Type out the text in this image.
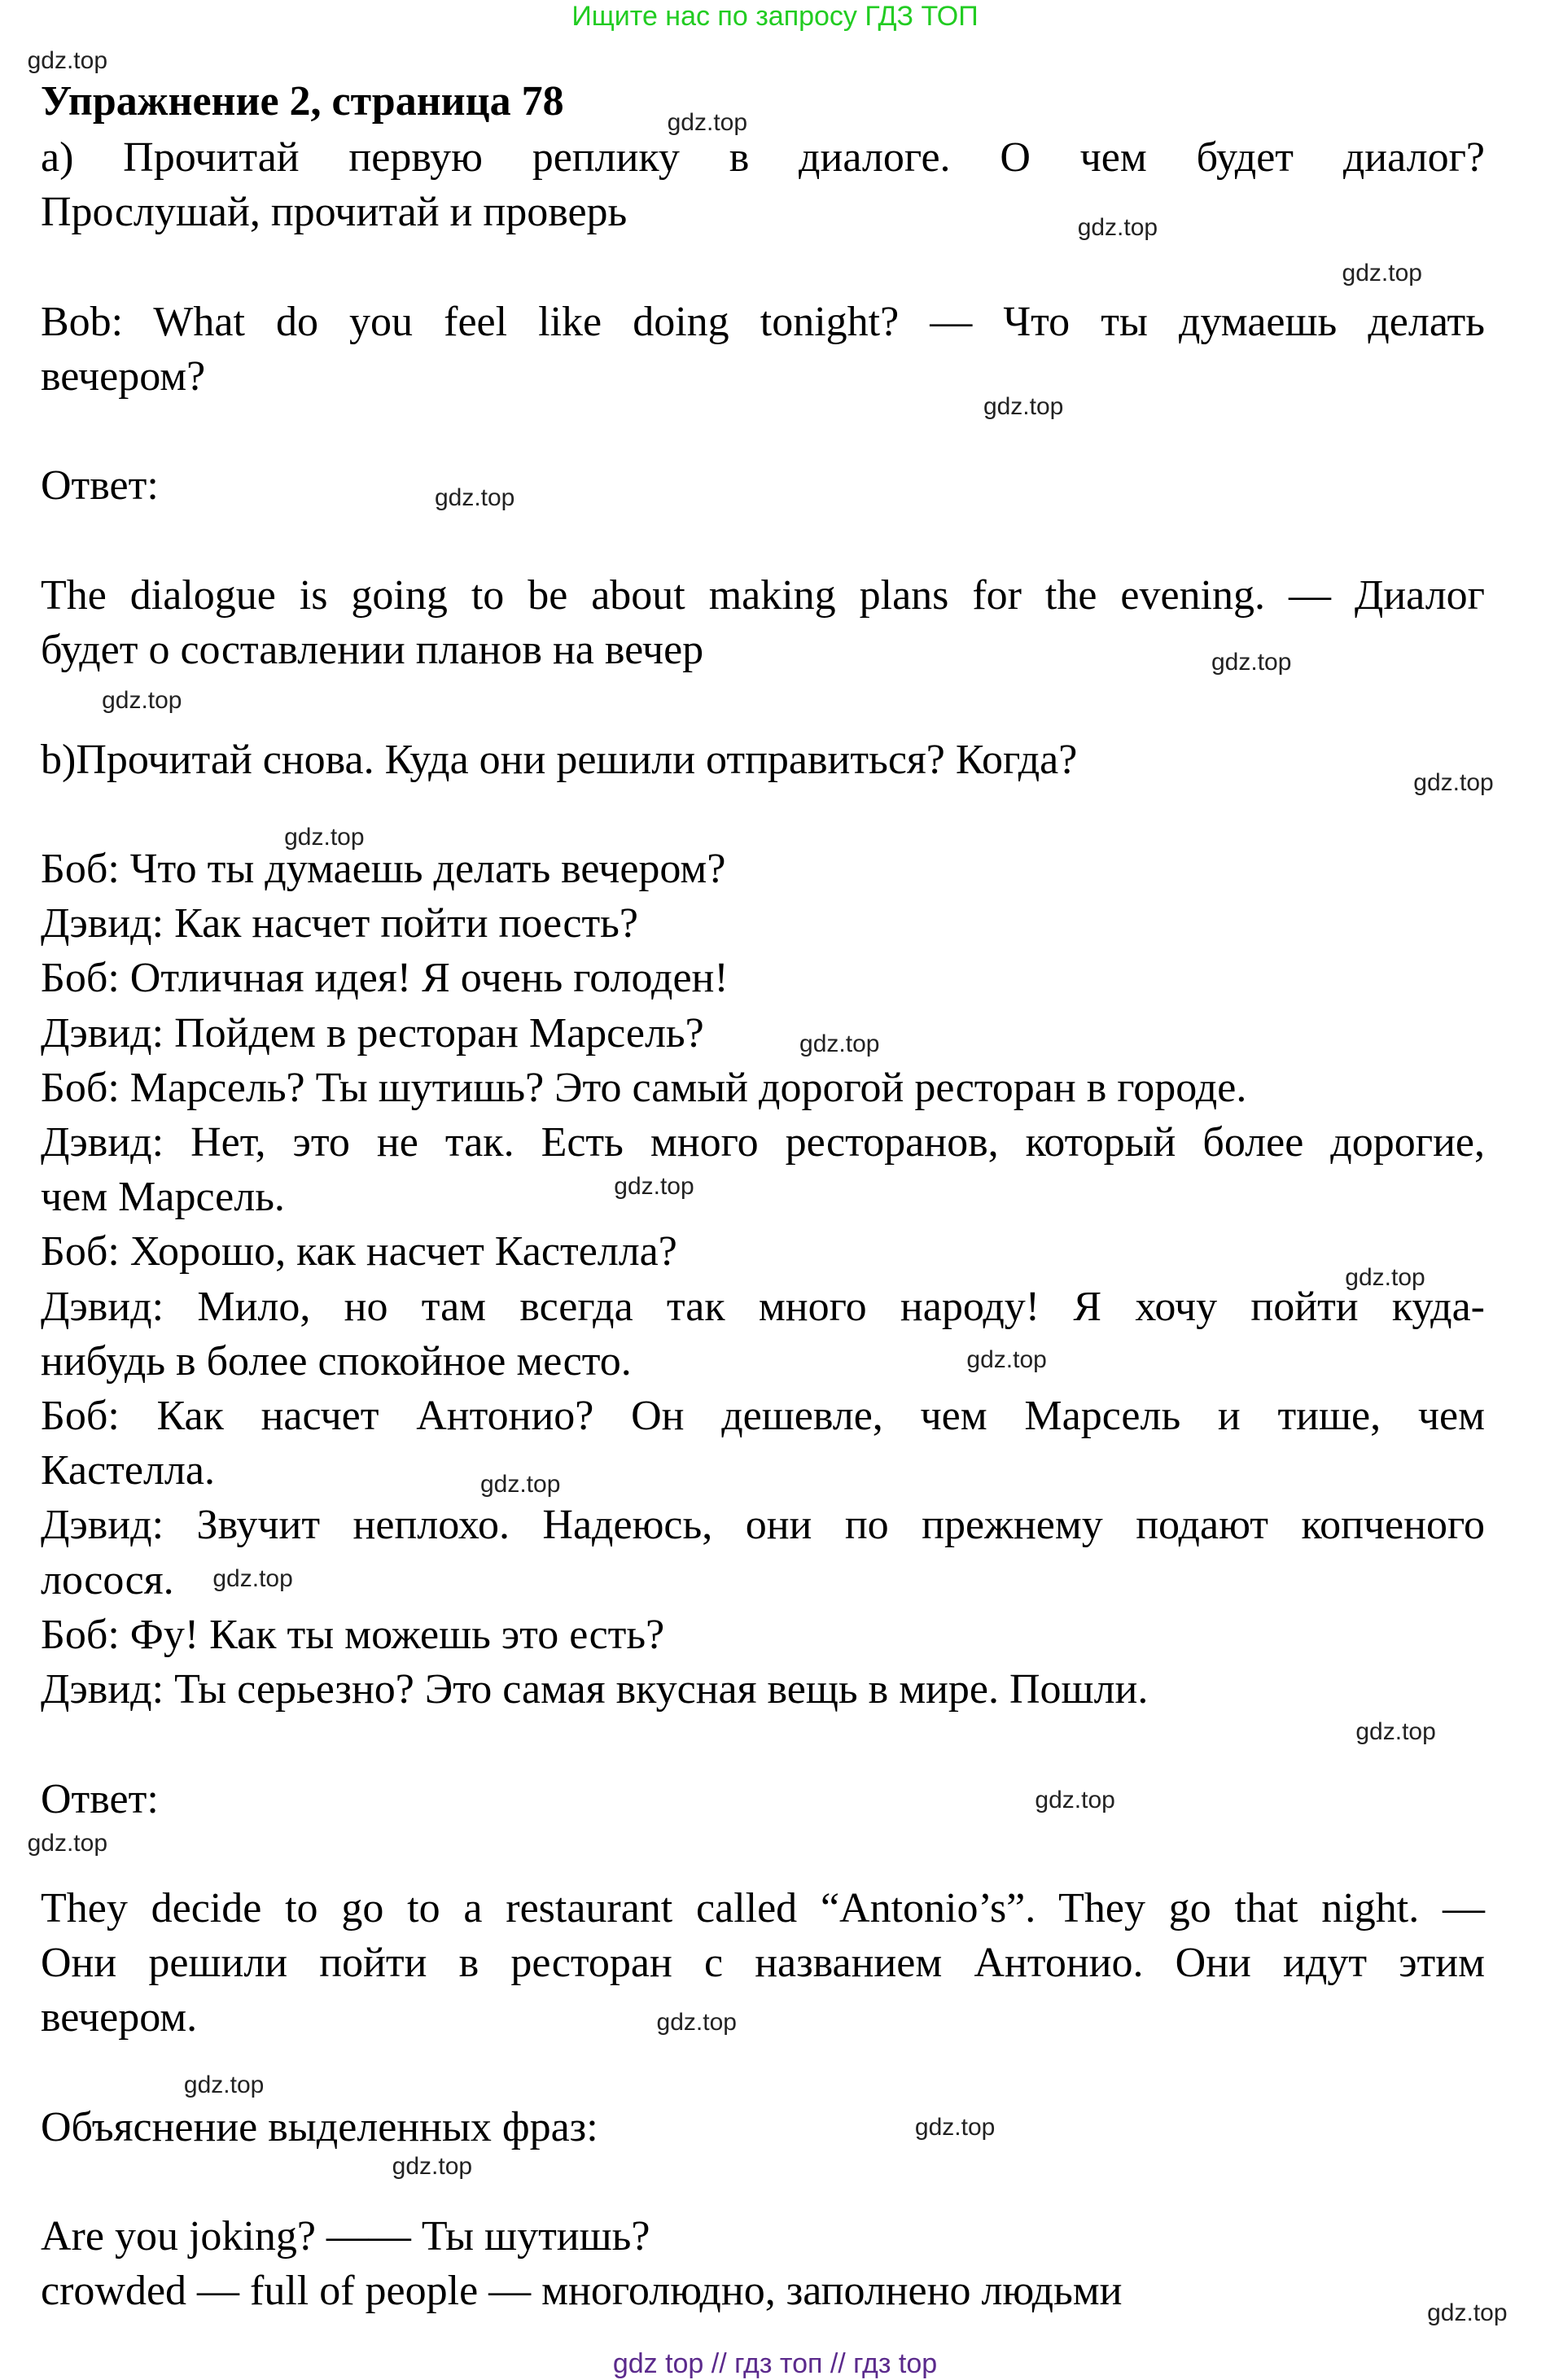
Ищите нас по запросу ГДЗ ТОП
Упражнение 2, страница 78
а) Прочитай первую реплику в диалоге. О чем будет диалог?
Прослушай, прочитай и проверь
Bob: What do you feel like doing tonight? — Что ты думаешь делать
вечером?
Ответ:
The dialogue is going to be about making plans for the evening. — Диалог
будет о составлении планов на вечер
b)Прочитай снова. Куда они решили отправиться? Когда?
Боб: Что ты думаешь делать вечером?
Дэвид: Как насчет пойти поесть?
Боб: Отличная идея! Я очень голоден!
Дэвид: Пойдем в ресторан Марсель?
Боб: Марсель? Ты шутишь? Это самый дорогой ресторан в городе.
Дэвид: Нет, это не так. Есть много ресторанов, который более дорогие,
чем Марсель.
Боб: Хорошо, как насчет Кастелла?
Дэвид: Мило, но там всегда так много народу! Я хочу пойти куда-
нибудь в более спокойное место.
Боб: Как насчет Антонио? Он дешевле, чем Марсель и тише, чем
Кастелла.
Дэвид: Звучит неплохо. Надеюсь, они по прежнему подают копченого
лосося.
Боб: Фу! Как ты можешь это есть?
Дэвид: Ты серьезно? Это самая вкусная вещь в мире. Пошли.
Ответ:
They decide to go to a restaurant called “Antonio’s”. They go that night. —
Они решили пойти в ресторан с названием Антонио. Они идут этим
вечером.
Объяснение выделенных фраз:
Are you joking? —— Ты шутишь?
crowded — full of people — многолюдно, заполнено людьми
gdz.top
gdz.top
gdz.top
gdz.top
gdz.top
gdz.top
gdz.top
gdz.top
gdz.top
gdz.top
gdz.top
gdz.top
gdz.top
gdz.top
gdz.top
gdz.top
gdz.top
gdz.top
gdz.top
gdz.top
gdz.top
gdz.top
gdz.top
gdz.top
gdz top // гдз топ // гдз top
